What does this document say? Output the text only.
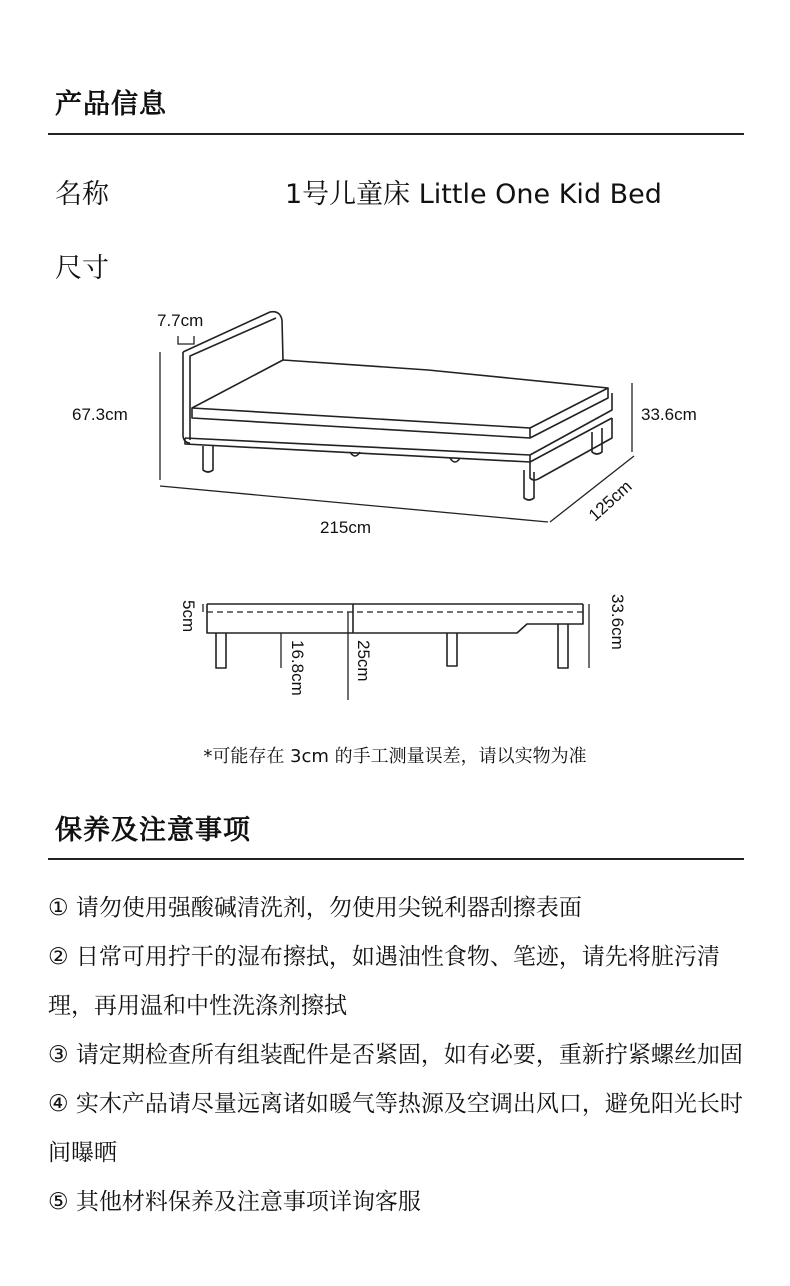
产品信息
名称	1号儿童床 Little One Kid Bed
尺寸
7.7cm
67.3cm	33.6cm
215cm
125cm
5cm	33.6cm
16.8cm	25cm
*可能存在 3cm 的手工测量误差，请以实物为准
保养及注意事项
① 请勿使用强酸碱清洗剂，勿使用尖锐利器刮擦表面
② 日常可用拧干的湿布擦拭，如遇油性食物、笔迹，请先将脏污清理，再用温和中性洗涤剂擦拭
③ 请定期检查所有组装配件是否紧固，如有必要，重新拧紧螺丝加固
④ 实木产品请尽量远离诸如暖气等热源及空调出风口，避免阳光长时间曝晒
⑤ 其他材料保养及注意事项详询客服
